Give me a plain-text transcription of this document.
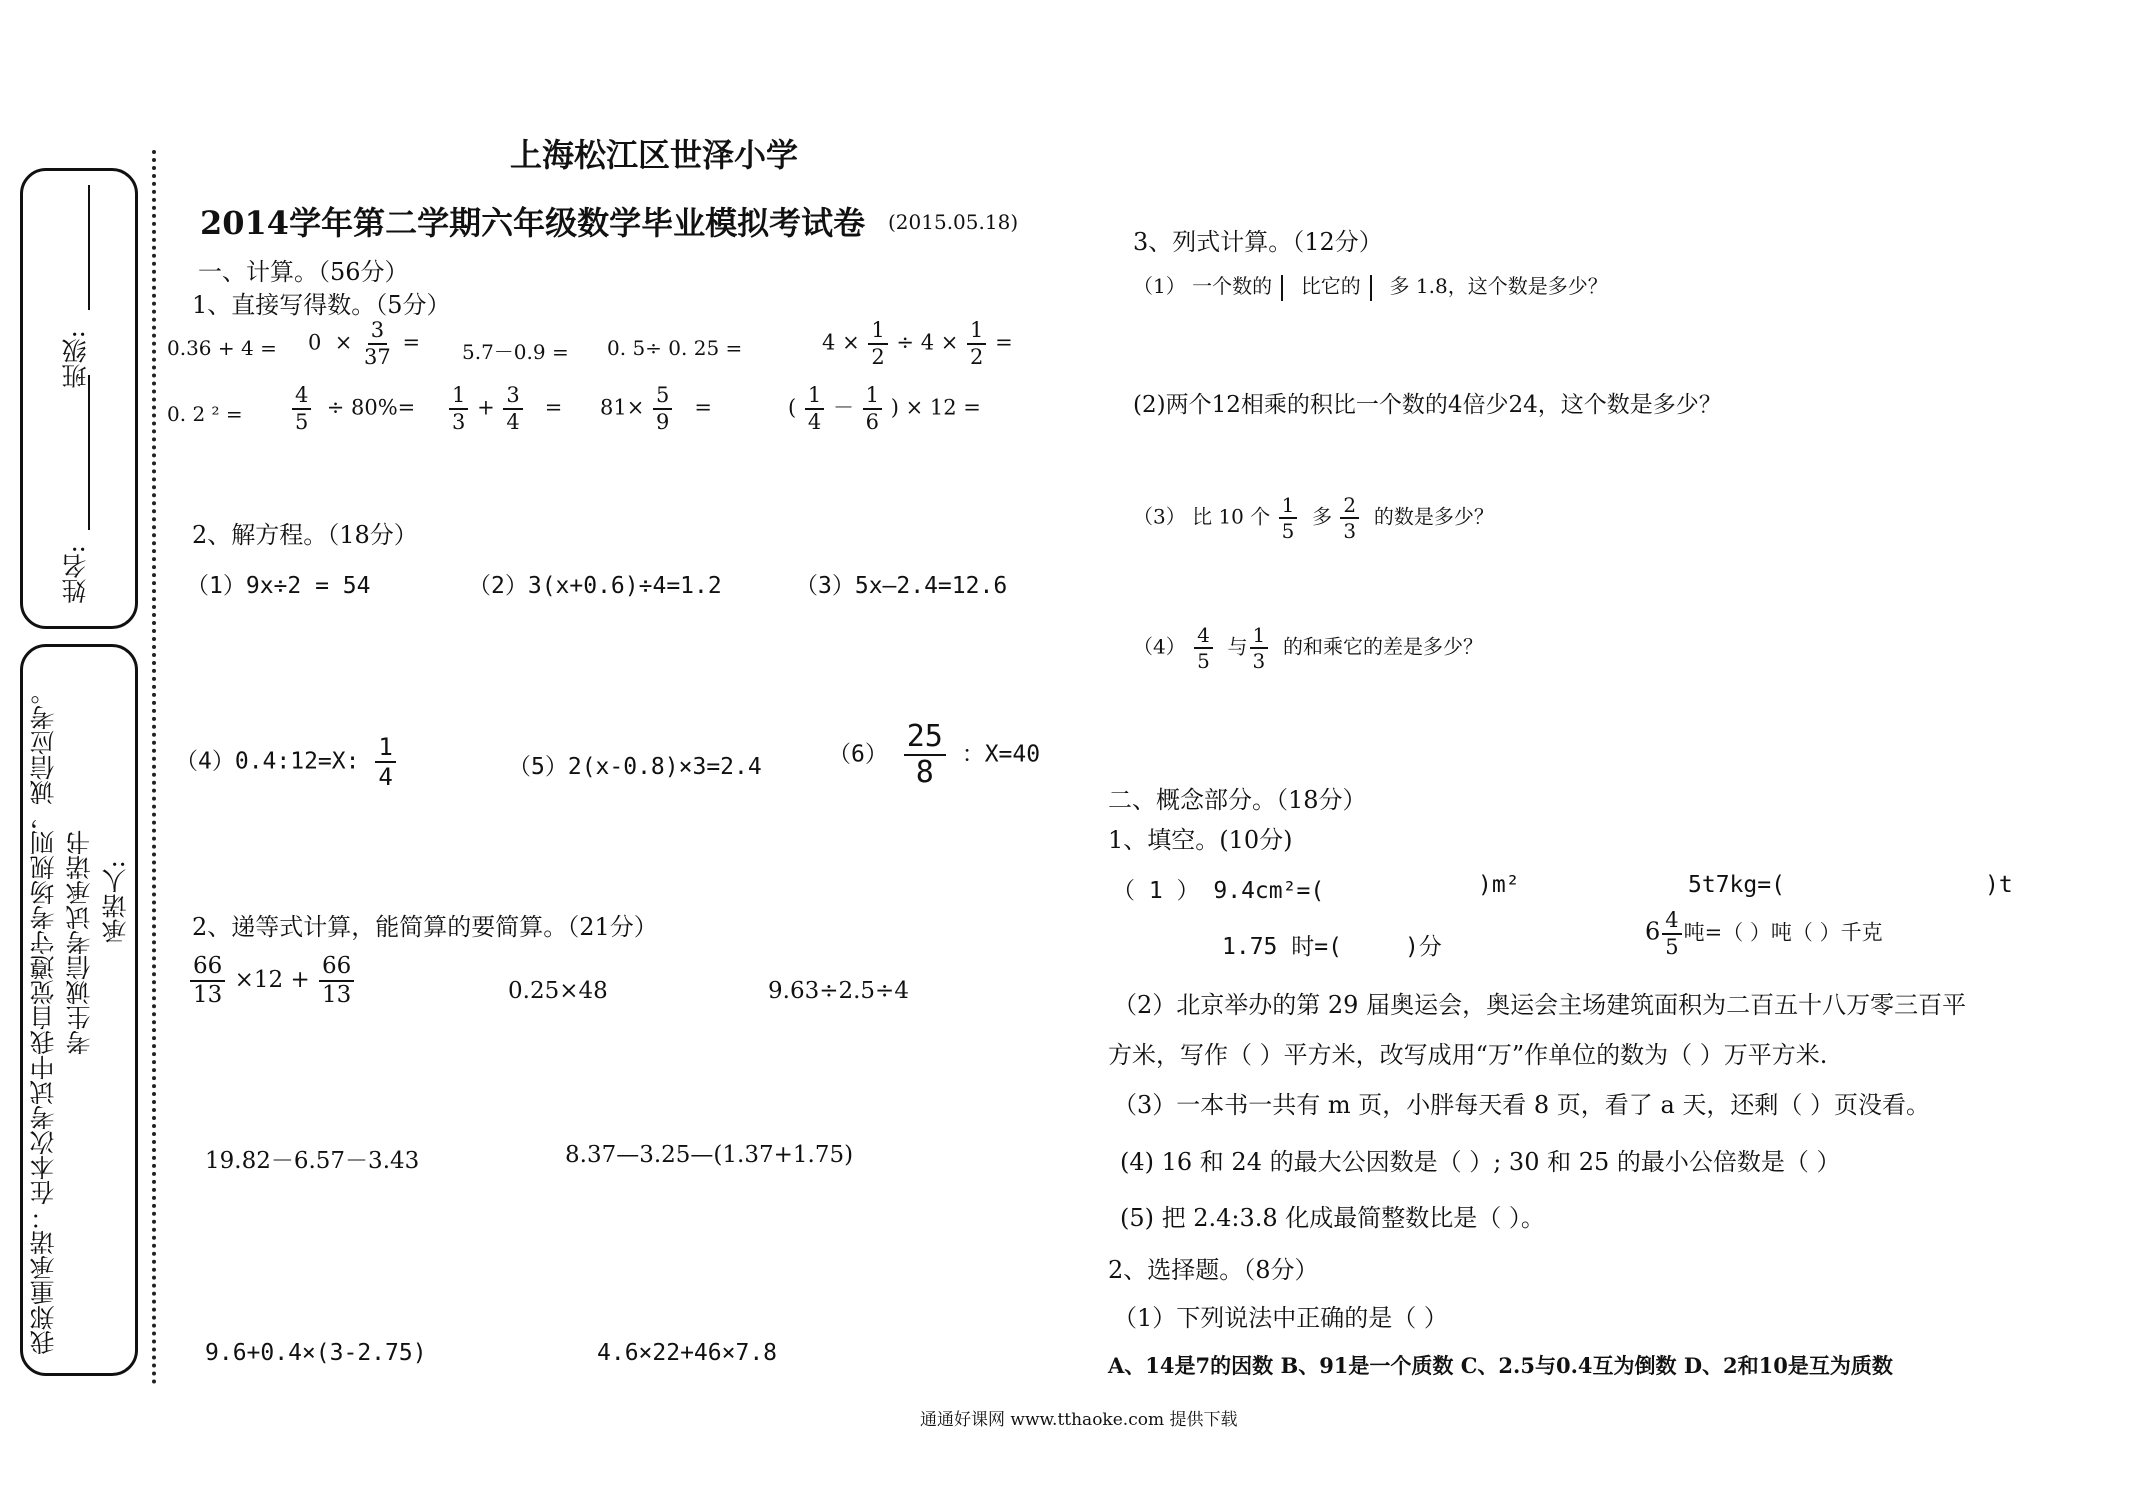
班级:
姓名:
考生诚信考试承诺书
我郑重承诺：在本次考试中我自觉遵守考场规则，诚信应考。 承诺人:
上海松江区世泽小学
2014学年第二学期六年级数学毕业模拟考试卷 (2015.05.18)
一、计算。（56分）
1、直接写得数。（5分）
$0.36 + 4 = 0 \times \frac{3}{37} = 5.7-0.9 = 0$. 5÷ 0. 25 =	$4 \times \frac{1}{2} \div 4 \times \frac{1}{2}$ =
0. 2 $^2 = \frac{4}{5} \div 80\%= \frac{1}{3} + \frac{3}{4} = 81\times \frac{5}{9}$ =	( $\frac{1}{4} - \frac{1}{6}$ ) × 12 =
2、解方程。（18分）
（1）9x÷2 = 54	（2）3(x+0.6)÷4=1.2	（3）5x—2.4=12.6
（4）0.4:12=X: $\frac{1}{4}$	（5）2(x-0.8)×3=2.4	$(6) \frac{25}{8}$ ：X=40
2、递等式计算，能简算的要简算。（21分）
$\frac{66}{13} \times 12 + \frac{66}{13}$	0.25×48	9.63÷2.5÷4
19.82－6.57－3.43	8.37—3.25—(1.37+1.75)
9.6+0.4×(3-2.75)	4.6×22+46×7.8
3、列式计算。（12分）
（1） 一个数的 比它的 多 1.8，这个数是多少？
(2)两个12相乘的积比一个数的4倍少24，这个数是多少？
（3） 比 10 个 $\frac{1}{5}$ 多 $\frac{2}{3}$ 的数是多少？
$(4) \frac{4}{5}$ 与 $\frac{1}{3}$ 的和乘它的差是多少？
二、概念部分。（18分）
1、填空。(10分)
（ 1 ） 9.4cm²=(	)m²	5t7kg=(	)t
1.75 时=(	)分
$6 \frac{4}{5}$ 吨=（ ）吨（ ）千克
（2）北京举办的第 29 届奥运会，奥运会主场建筑面积为二百五十八万零三百平
方米，写作（ ）平方米，改写成用“万”作单位的数为（ ）万平方米.
（3）一本书一共有 m 页，小胖每天看 8 页，看了 a 天，还剩（ ）页没看。
(4) 16 和 24 的最大公因数是（ ）; 30 和 25 的最小公倍数是（ ）
(5) 把 2.4:3.8 化成最简整数比是（ ）。
2、选择题。（8分）
（1）下列说法中正确的是（ ）
A、14是7的因数 B、91是一个质数 C、2.5与0.4互为倒数 D、2和10是互为质数
通通好课网 www.tthaoke.com 提供下载
